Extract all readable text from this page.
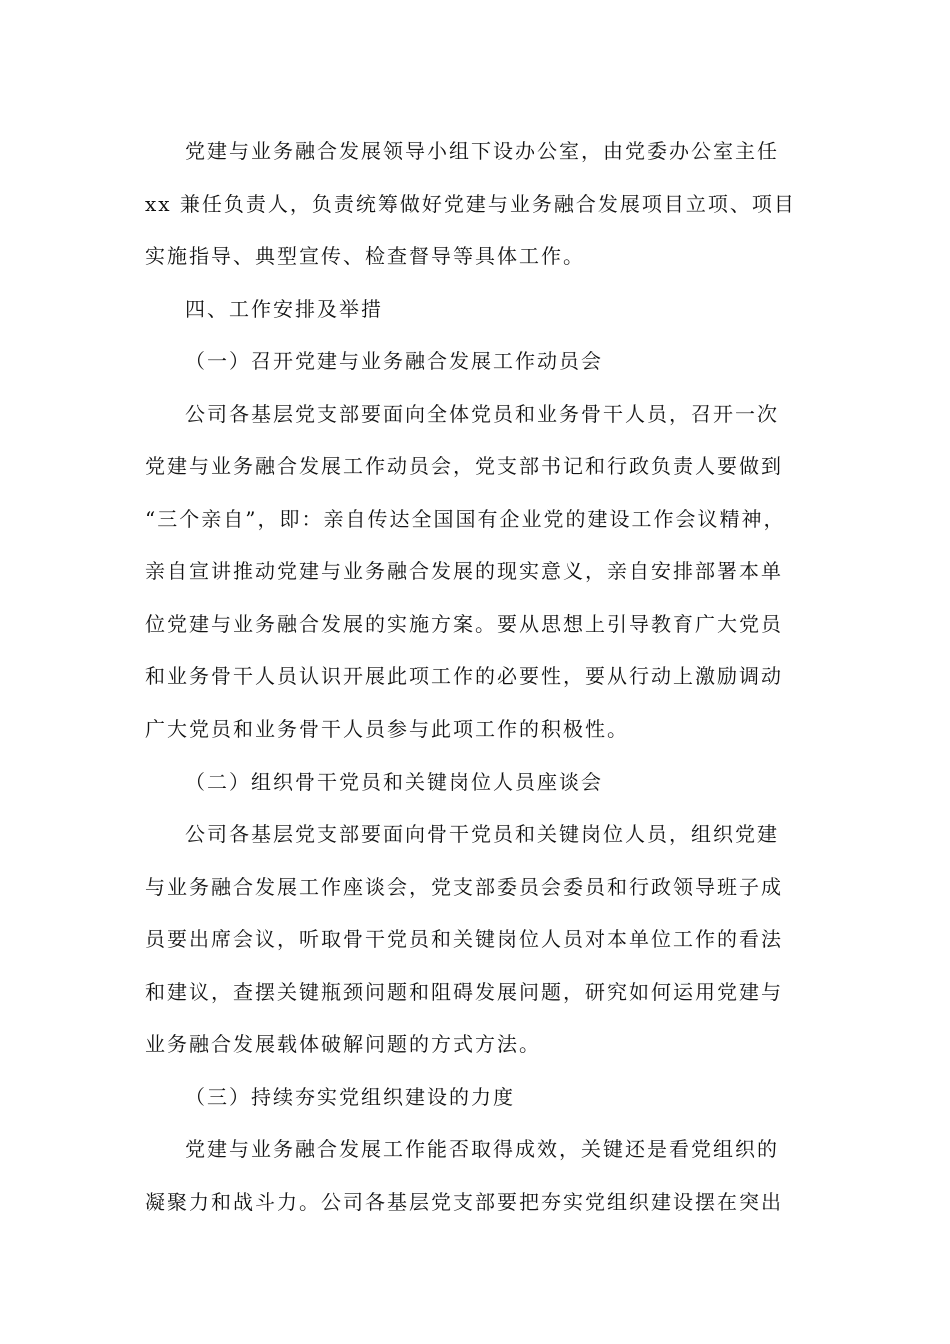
党建与业务融合发展领导小组下设办公室，由党委办公室主任
xx 兼任负责人，负责统筹做好党建与业务融合发展项目立项、项目
实施指导、典型宣传、检查督导等具体工作。
四、工作安排及举措
（一）召开党建与业务融合发展工作动员会
公司各基层党支部要面向全体党员和业务骨干人员，召开一次
党建与业务融合发展工作动员会，党支部书记和行政负责人要做到
“三个亲自”，即：亲自传达全国国有企业党的建设工作会议精神，
亲自宣讲推动党建与业务融合发展的现实意义，亲自安排部署本单
位党建与业务融合发展的实施方案。要从思想上引导教育广大党员
和业务骨干人员认识开展此项工作的必要性，要从行动上激励调动
广大党员和业务骨干人员参与此项工作的积极性。
（二）组织骨干党员和关键岗位人员座谈会
公司各基层党支部要面向骨干党员和关键岗位人员，组织党建
与业务融合发展工作座谈会，党支部委员会委员和行政领导班子成
员要出席会议，听取骨干党员和关键岗位人员对本单位工作的看法
和建议，查摆关键瓶颈问题和阻碍发展问题，研究如何运用党建与
业务融合发展载体破解问题的方式方法。
（三）持续夯实党组织建设的力度
党建与业务融合发展工作能否取得成效，关键还是看党组织的
凝聚力和战斗力。公司各基层党支部要把夯实党组织建设摆在突出
